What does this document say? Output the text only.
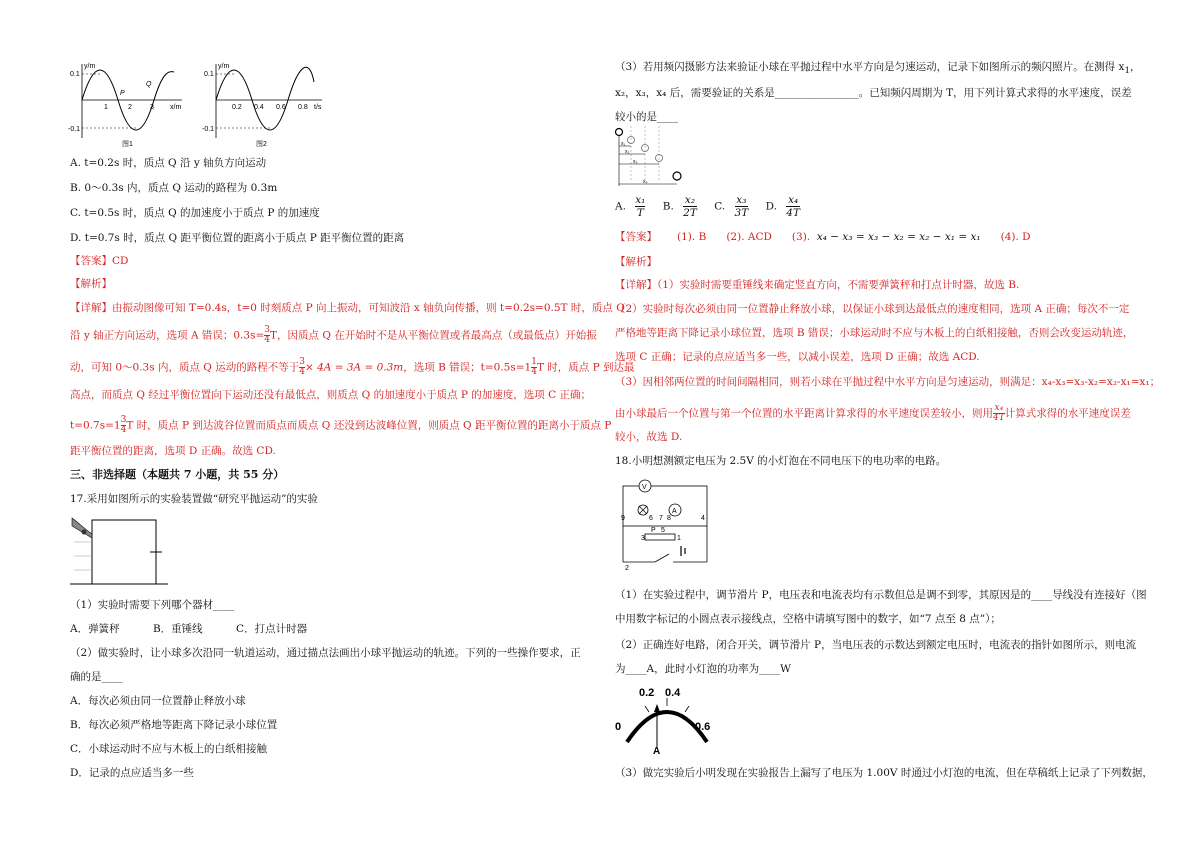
0.1
-0.1
y/m
x/m
1	2	3
P
Q
图1
0.1
-0.1
y/m
t/s
0.2 0.4 0.6 0.8
图2
A. t=0.2s 时，质点 Q 沿 y 轴负方向运动
B. 0～0.3s 内，质点 Q 运动的路程为 0.3m
C. t=0.5s 时，质点 Q 的加速度小于质点 P 的加速度
D. t=0.7s 时，质点 Q 距平衡位置的距离小于质点 P 距平衡位置的距离
【答案】CD
【解析】
【详解】由振动图像可知 T=0.4s，t=0 时刻质点 P 向上振动，可知波沿 x 轴负向传播，则 t=0.2s=0.5T 时，质点 Q
沿 y 轴正方向运动，选项 A 错误；$0.3s= \frac{3}{4}$ T，因质点 Q 在开始时不是从平衡位置或者最高点（或最低点）开始振
动，可知 0～0.3s 内，质点 Q 运动的路程不等于 $\frac{3}{4} \times 4A = 3A = 0.3m$，选项 B 错误；$t=0.5s=1 \frac{1}{4}$ T 时，质点 P 到达最
高点，而质点 Q 经过平衡位置向下运动还没有最低点，则质点 Q 的加速度小于质点 P 的加速度，选项 C 正确；
$t=0.7s=1 \frac{3}{4}$ T 时，质点 P 到达波谷位置而质点而质点 Q 还没到达波峰位置，则质点 Q 距平衡位置的距离小于质点 P
距平衡位置的距离，选项 D 正确。故选 CD.
三、非选择题（本题共 7 小题，共 55 分）
17.采用如图所示的实验装置做“研究平抛运动”的实验
（1）实验时需要下列哪个器材____
A．弹簧秤          B．重锤线          C．打点计时器
（2）做实验时，让小球多次沿同一轨道运动，通过描点法画出小球平抛运动的轨迹。下列的一些操作要求，正
确的是____
A．每次必须由同一位置静止释放小球
B．每次必须严格地等距离下降记录小球位置
C．小球运动时不应与木板上的白纸相接触
D．记录的点应适当多一些
（3）若用频闪摄影方法来验证小球在平抛过程中水平方向是匀速运动，记录下如图所示的频闪照片。在测得 $x_1$，
x₂，x₃，x₄ 后，需要验证的关系是________________。已知频闪周期为 T，用下列计算式求得的水平速度，误差
较小的是____
x₁
x₂
x₃
x₄
A. $\frac{\text{x₁}}{T} B$. $\frac{\text{x₂}}{2T} C$. $\frac{\text{x₃}}{3T} D$. $\frac{\text{x₄}}{4T}$
【答案】      (1). B      (2). ACD      (3). x₄ − x₃ = x₃ − x₂ = x₂ − x₁ = x₁ (4). D
【解析】
【详解】（1）实验时需要重锤线来确定竖直方向，不需要弹簧秤和打点计时器，故选 B.
（2）实验时每次必须由同一位置静止释放小球，以保证小球到达最低点的速度相同，选项 A 正确；每次不一定
严格地等距离下降记录小球位置，选项 B 错误；小球运动时不应与木板上的白纸相接触，否则会改变运动轨迹，
选项 C 正确；记录的点应适当多一些，以减小误差，选项 D 正确；故选 ACD.
（3）因相邻两位置的时间间隔相同，则若小球在平抛过程中水平方向是匀速运动，则满足：x₄-x₃=x₃-x₂=x₂-x₁=x₁；
由小球最后一个位置与第一个位置的水平距离计算求得的水平速度误差较小，则用 $\frac{\text{x₄}}{4T}$ 计算式求得的水平速度误差
较小，故选 D.
18.小明想测额定电压为 2.5V 的小灯泡在不同电压下的电功率的电路。
V
A
9	6 7 8	4
P 5
3	1
2
（1）在实验过程中，调节滑片 P，电压表和电流表均有示数但总是调不到零，其原因是的____导线没有连接好（图
中用数字标记的小圆点表示接线点，空格中请填写图中的数字，如“7 点至 8 点”）；
（2）正确连好电路，闭合开关，调节滑片 P，当电压表的示数达到额定电压时，电流表的指针如图所示，则电流
为____A，此时小灯泡的功率为____W
0
0.2 0.4
0.6
A
（3）做完实验后小明发现在实验报告上漏写了电压为 1.00V 时通过小灯泡的电流，但在草稿纸上记录了下列数据，
